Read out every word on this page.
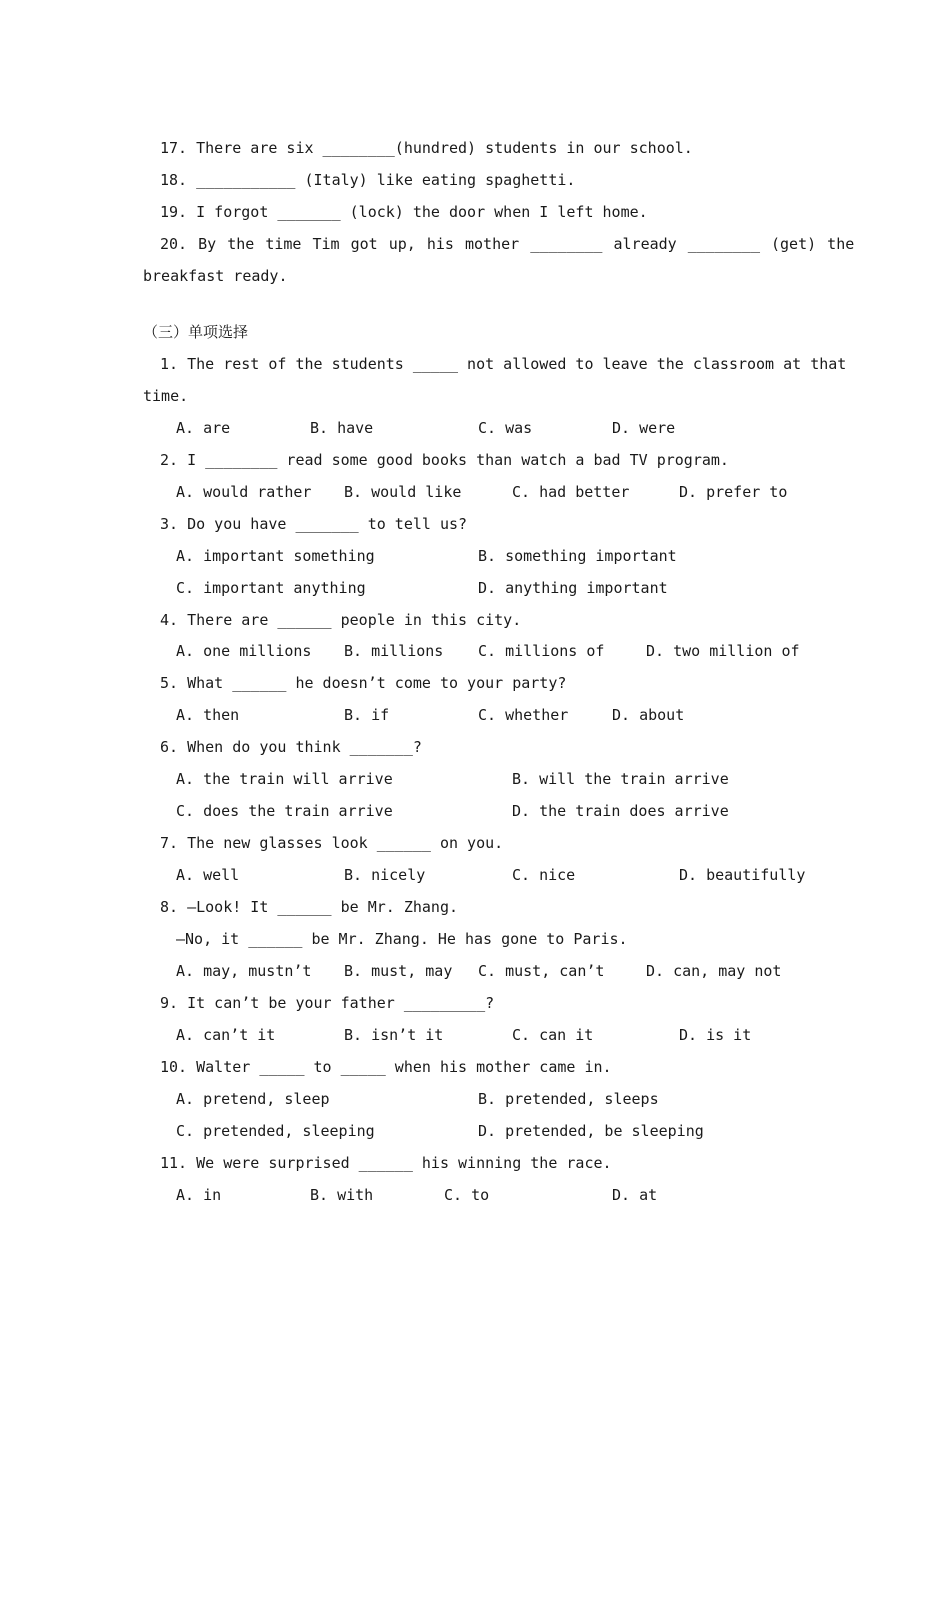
17. There are six ________(hundred) students in our school.

18. ___________ (Italy) like eating spaghetti.

19. I forgot _______ (lock) the door when I left home.

20. By the time Tim got up, his mother ________ already ________ (get) the

breakfast ready.

（三）单项选择

1. The rest of the students _____ not allowed to leave the classroom at that

time.

A. are

	B. have

	C. was

	D. were

2. I ________ read some good books than watch a bad TV program.

A. would rather

B. would like

	C. had better

	D. prefer to

3. Do you have _______ to tell us?

A. important something

	B. something important

C. important anything

	D. anything important

4. There are ______ people in this city.

A. one millions

B. millions

C. millions of

	D. two million of

5. What ______ he doesn’t come to your party?

A. then

	B. if

	C. whether

	D. about

6. When do you think _______?

A. the train will arrive

	B. will the train arrive

C. does the train arrive

	D. the train does arrive

7. The new glasses look ______ on you.

A. well

	B. nicely

	C. nice

	D. beautifully

8. —Look! It ______ be Mr. Zhang.

—No, it ______ be Mr. Zhang. He has gone to Paris.

A. may, mustn’t

B. must, may

C. must, can’t

	D. can, may not

9. It can’t be your father _________?

A. can’t it

	B. isn’t it

	C. can it

	D. is it

10. Walter _____ to _____ when his mother came in.

A. pretend, sleep

	B. pretended, sleeps

C. pretended, sleeping

	D. pretended, be sleeping

11. We were surprised ______ his winning the race.

A. in

	B. with

	C. to

	D. at
